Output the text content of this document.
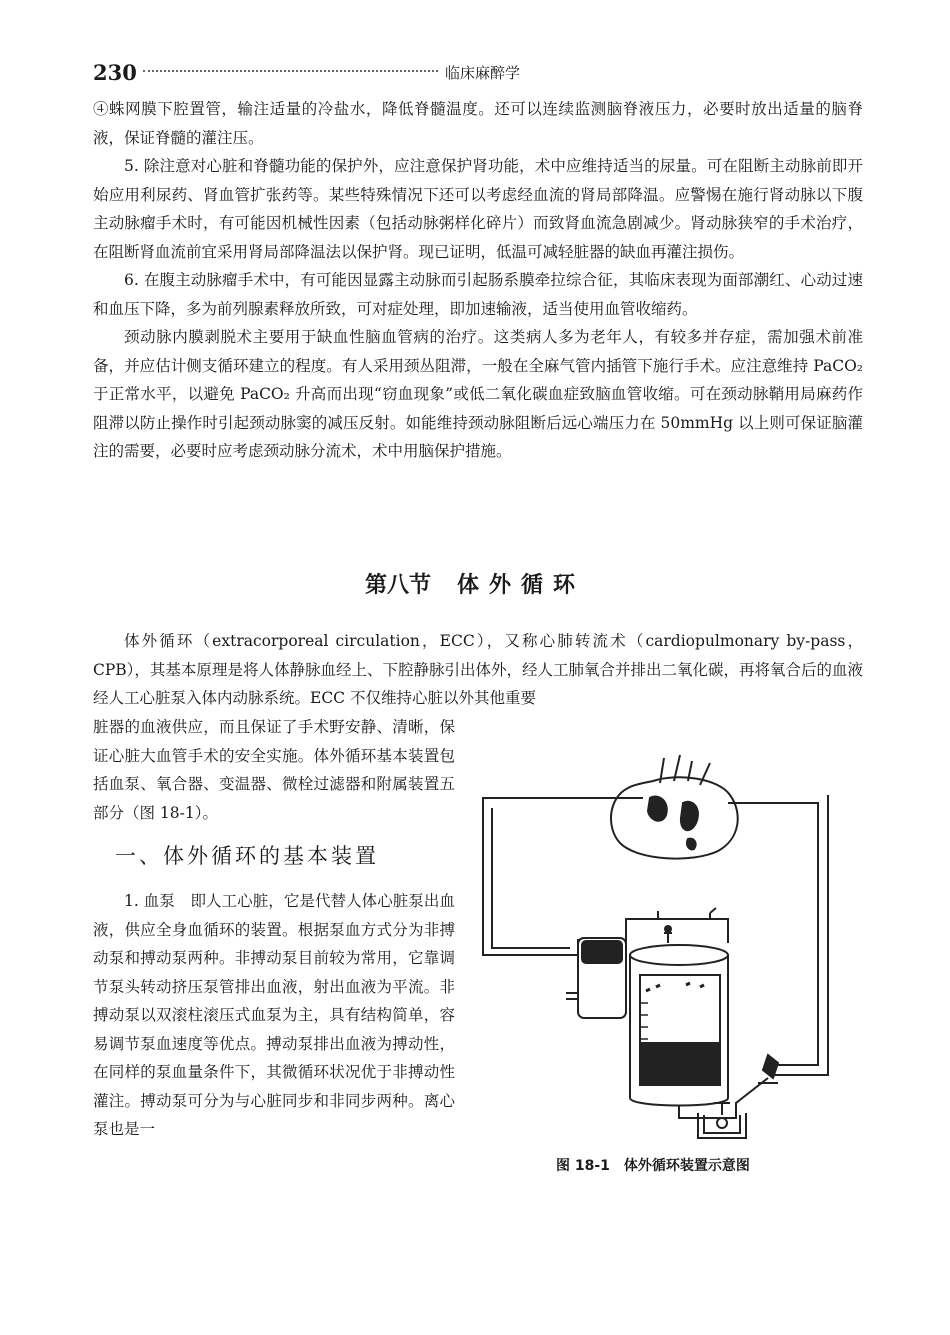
230	临床麻醉学

④蛛网膜下腔置管，输注适量的冷盐水，降低脊髓温度。还可以连续监测脑脊液压力，必要时放出适量的脑脊液，保证脊髓的灌注压。

5. 除注意对心脏和脊髓功能的保护外，应注意保护肾功能，术中应维持适当的尿量。可在阻断主动脉前即开始应用利尿药、肾血管扩张药等。某些特殊情况下还可以考虑经血流的肾局部降温。应警惕在施行肾动脉以下腹主动脉瘤手术时，有可能因机械性因素（包括动脉粥样化碎片）而致肾血流急剧减少。肾动脉狭窄的手术治疗，在阻断肾血流前宜采用肾局部降温法以保护肾。现已证明，低温可减轻脏器的缺血再灌注损伤。

6. 在腹主动脉瘤手术中，有可能因显露主动脉而引起肠系膜牵拉综合征，其临床表现为面部潮红、心动过速和血压下降，多为前列腺素释放所致，可对症处理，即加速输液，适当使用血管收缩药。

颈动脉内膜剥脱术主要用于缺血性脑血管病的治疗。这类病人多为老年人，有较多并存症，需加强术前准备，并应估计侧支循环建立的程度。有人采用颈丛阻滞，一般在全麻气管内插管下施行手术。应注意维持 PaCO₂ 于正常水平，以避免 PaCO₂ 升高而出现“窃血现象”或低二氧化碳血症致脑血管收缩。可在颈动脉鞘用局麻药作阻滞以防止操作时引起颈动脉窦的减压反射。如能维持颈动脉阻断后远心端压力在 50mmHg 以上则可保证脑灌注的需要，必要时应考虑颈动脉分流术，术中用脑保护措施。

第八节 体外循环

体外循环（extracorporeal circulation，ECC），又称心肺转流术（cardiopulmonary by-pass，CPB），其基本原理是将人体静脉血经上、下腔静脉引出体外，经人工肺氧合并排出二氧化碳，再将氧合后的血液经人工心脏泵入体内动脉系统。ECC 不仅维持心脏以外其他重要

脏器的血液供应，而且保证了手术野安静、清晰，保证心脏大血管手术的安全实施。体外循环基本装置包括血泵、氧合器、变温器、微栓过滤器和附属装置五部分（图 18-1）。

一、体外循环的基本装置

1. 血泵　即人工心脏，它是代替人体心脏泵出血液，供应全身血循环的装置。根据泵血方式分为非搏动泵和搏动泵两种。非搏动泵目前较为常用，它靠调节泵头转动挤压泵管排出血液，射出血液为平流。非搏动泵以双滚柱滚压式血泵为主，具有结构简单，容易调节泵血速度等优点。搏动泵排出血液为搏动性，在同样的泵血量条件下，其微循环状况优于非搏动性灌注。搏动泵可分为与心脏同步和非同步两种。离心泵也是一

图 18-1 体外循环装置示意图
